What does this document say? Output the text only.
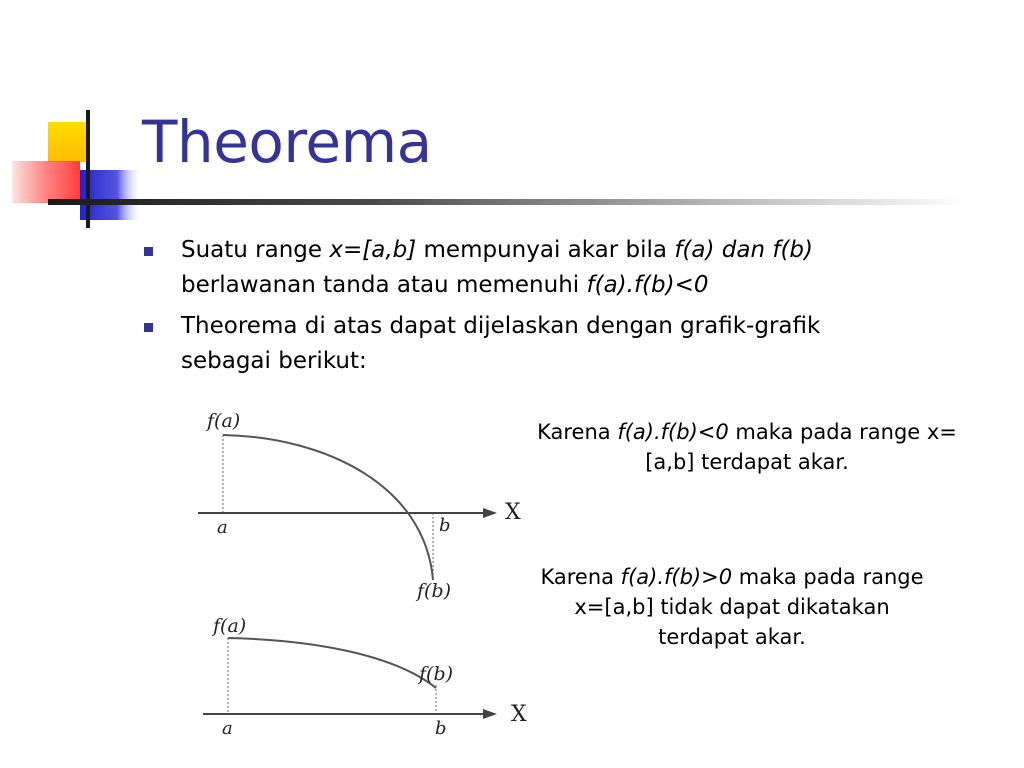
Theorema
Suatu range x=[a,b] mempunyai akar bila f(a) dan f(b) berlawanan tanda atau memenuhi f(a).f(b)<0
Theorema di atas dapat dijelaskan dengan grafik-grafik sebagai berikut:
f(a)
f(b)
a	b
X
f(a)
f(b)
a	b
X
Karena f(a).f(b)<0 maka pada range x=[a,b] terdapat akar.
Karena f(a).f(b)>0 maka pada range x=[a,b] tidak dapat dikatakan terdapat akar.
